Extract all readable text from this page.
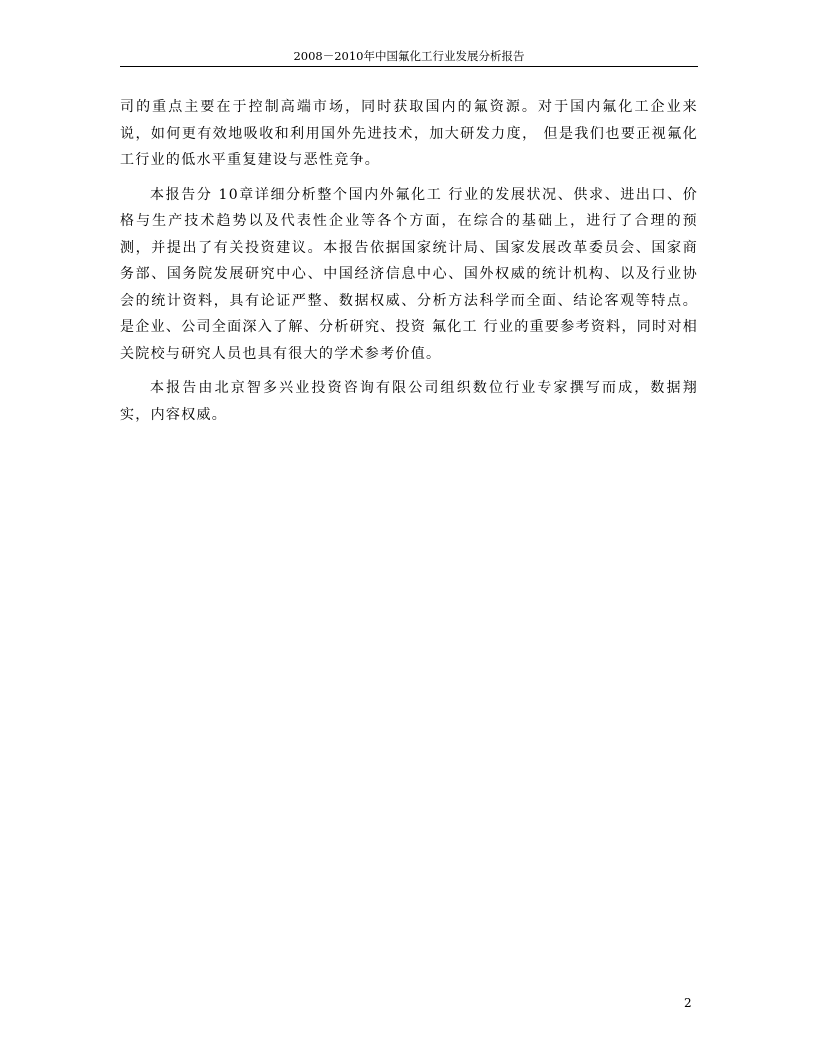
2008－2010年中国氟化工行业发展分析报告

司的重点主要在于控制高端市场，同时获取国内的氟资源。对于国内氟化工企业来说，如何更有效地吸收和利用国外先进技术，加大研发力度， 但是我们也要正视氟化工行业的低水平重复建设与恶性竞争。

本报告分 10章详细分析整个国内外氟化工 行业的发展状况、供求、进出口、价格与生产技术趋势以及代表性企业等各个方面，在综合的基础上，进行了合理的预测，并提出了有关投资建议。本报告依据国家统计局、国家发展改革委员会、国家商务部、国务院发展研究中心、中国经济信息中心、国外权威的统计机构、以及行业协会的统计资料，具有论证严整、数据权威、分析方法科学而全面、结论客观等特点。是企业、公司全面深入了解、分析研究、投资 氟化工 行业的重要参考资料，同时对相关院校与研究人员也具有很大的学术参考价值。

本报告由北京智多兴业投资咨询有限公司组织数位行业专家撰写而成，数据翔实，内容权威。

2
